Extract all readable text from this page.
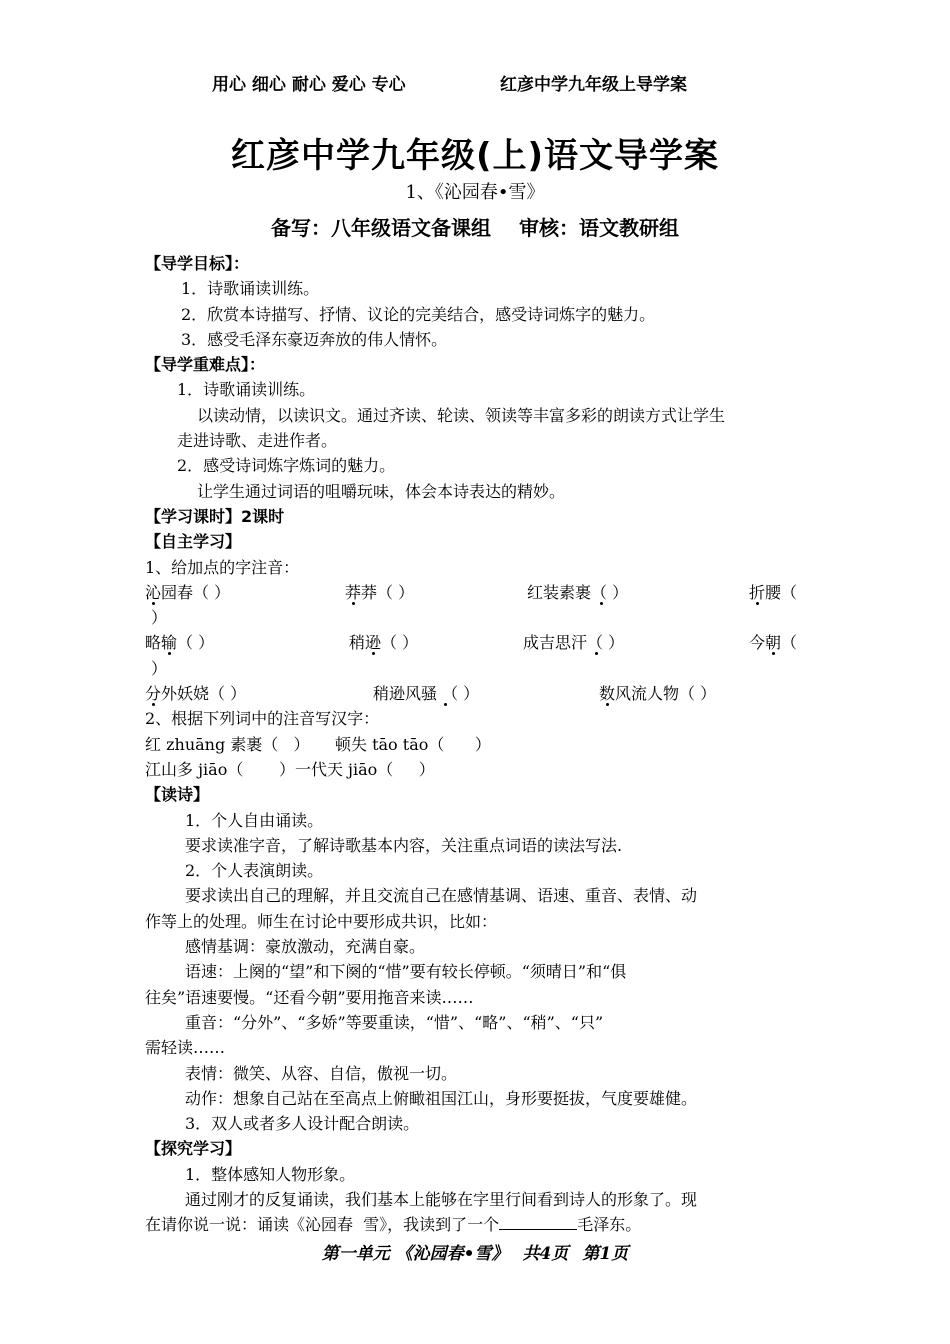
用心 细心 耐心 爱心 专心	红彦中学九年级上导学案
红彦中学九年级(上)语文导学案
1、《沁园春•雪》
备写：八年级语文备课组 审核：语文教研组
【导学目标】：
1．诗歌诵读训练。
2．欣赏本诗描写、抒情、议论的完美结合，感受诗词炼字的魅力。
3．感受毛泽东豪迈奔放的伟人情怀。
【导学重难点】：
1．诗歌诵读训练。
以读动情，以读识文。通过齐读、轮读、领读等丰富多彩的朗读方式让学生
走进诗歌、走进作者。
2．感受诗词炼字炼词的魅力。
让学生通过词语的咀嚼玩味，体会本诗表达的精妙。
【学习课时】2课时
【自主学习】
1、给加点的字注音：
沁园春（ ）	莽莽（ ）	红装素裹（ ）	折腰（
）
略输（ ）	稍逊（ ）	成吉思汗（ ）	今朝（
）
分外妖娆（ ）	稍逊风骚 （ ）	数风流人物（ ）
2、根据下列词中的注音写汉字：
红 zhuāng 素裹（   ）     顿失 tāo tāo（      ）
江山多 jiāo（       ）一代天 jiāo（     ）
【读诗】
1．个人自由诵读。
要求读准字音，了解诗歌基本内容，关注重点词语的读法写法.
2．个人表演朗读。
要求读出自己的理解，并且交流自己在感情基调、语速、重音、表情、动
作等上的处理。师生在讨论中要形成共识，比如：
感情基调：豪放激动，充满自豪。
语速：上阕的“望”和下阕的“惜”要有较长停顿。“须晴日”和“俱
往矣”语速要慢。“还看今朝”要用拖音来读……
重音：“分外”、“多娇”等要重读，“惜”、“略”、“稍”、“只”
需轻读……
表情：微笑、从容、自信，傲视一切。
动作：想象自己站在至高点上俯瞰祖国江山，身形要挺拔，气度要雄健。
3．双人或者多人设计配合朗读。
【探究学习】
1．整体感知人物形象。
通过刚才的反复诵读，我们基本上能够在字里行间看到诗人的形象了。现
在请你说一说：诵读《沁园春  雪》，我读到了一个	毛泽东。
第一单元 《沁园春•雪》 共4页 第1页
